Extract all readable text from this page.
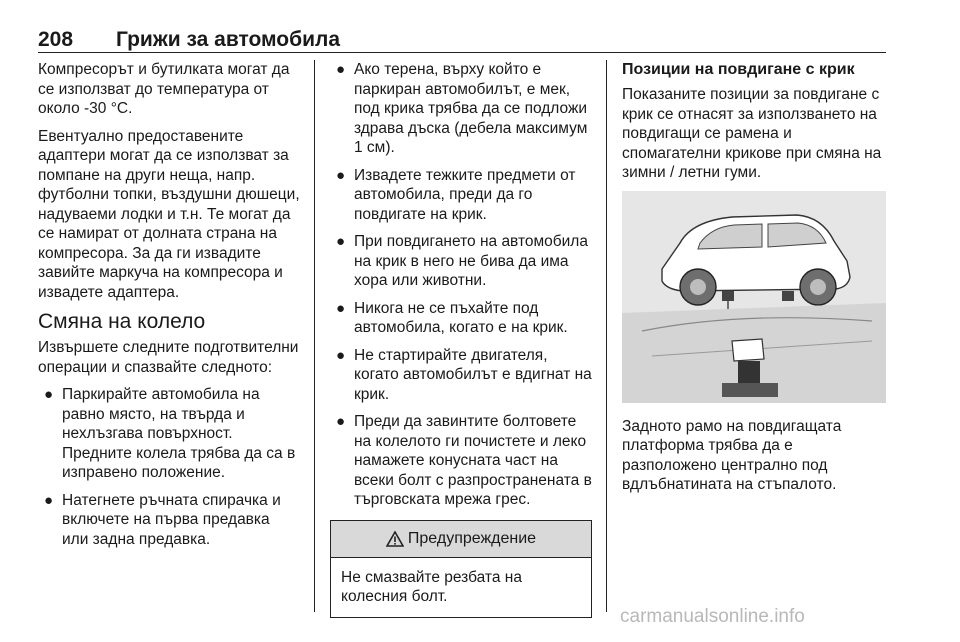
208 Грижи за автомобила

Компресорът и бутилката могат да се използват до температура от около -30 °C.

Евентуално предоставените адаптери могат да се използват за помпане на други неща, напр. футболни топки, въздушни дюшеци, надуваеми лодки и т.н. Те могат да се намират от долната страна на компресора. За да ги извадите завийте маркуча на компресора и извадете адаптера.

Смяна на колело

Извършете следните подготвителни операции и спазвайте следното:

● Паркирайте автомобила на равно място, на твърда и нехлъзгава повърхност. Предните колела трябва да са в изправено положение.
● Натегнете ръчната спирачка и включете на първа предавка или задна предавка.
● Ако терена, върху който е паркиран автомобилът, е мек, под крика трябва да се подложи здрава дъска (дебела максимум 1 см).
● Извадете тежките предмети от автомобила, преди да го повдигате на крик.
● При повдигането на автомобила на крик в него не бива да има хора или животни.
● Никога не се пъхайте под автомобила, когато е на крик.
● Не стартирайте двигателя, когато автомобилът е вдигнат на крик.
● Преди да завинтите болтовете на колелото ги почистете и леко намажете конусната част на всеки болт с разпространената в търговската мрежа грес.
Предупреждение
Не смазвайте резбата на колесния болт.
Позиции на повдигане с крик

Показаните позиции за повдигане с крик се отнасят за използването на повдигащи се рамена и спомагателни крикове при смяна на зимни / летни гуми.

Задното рамо на повдигащата платформа трябва да е разположено централно под вдлъбнатината на стъпалото.

carmanualsonline.info
